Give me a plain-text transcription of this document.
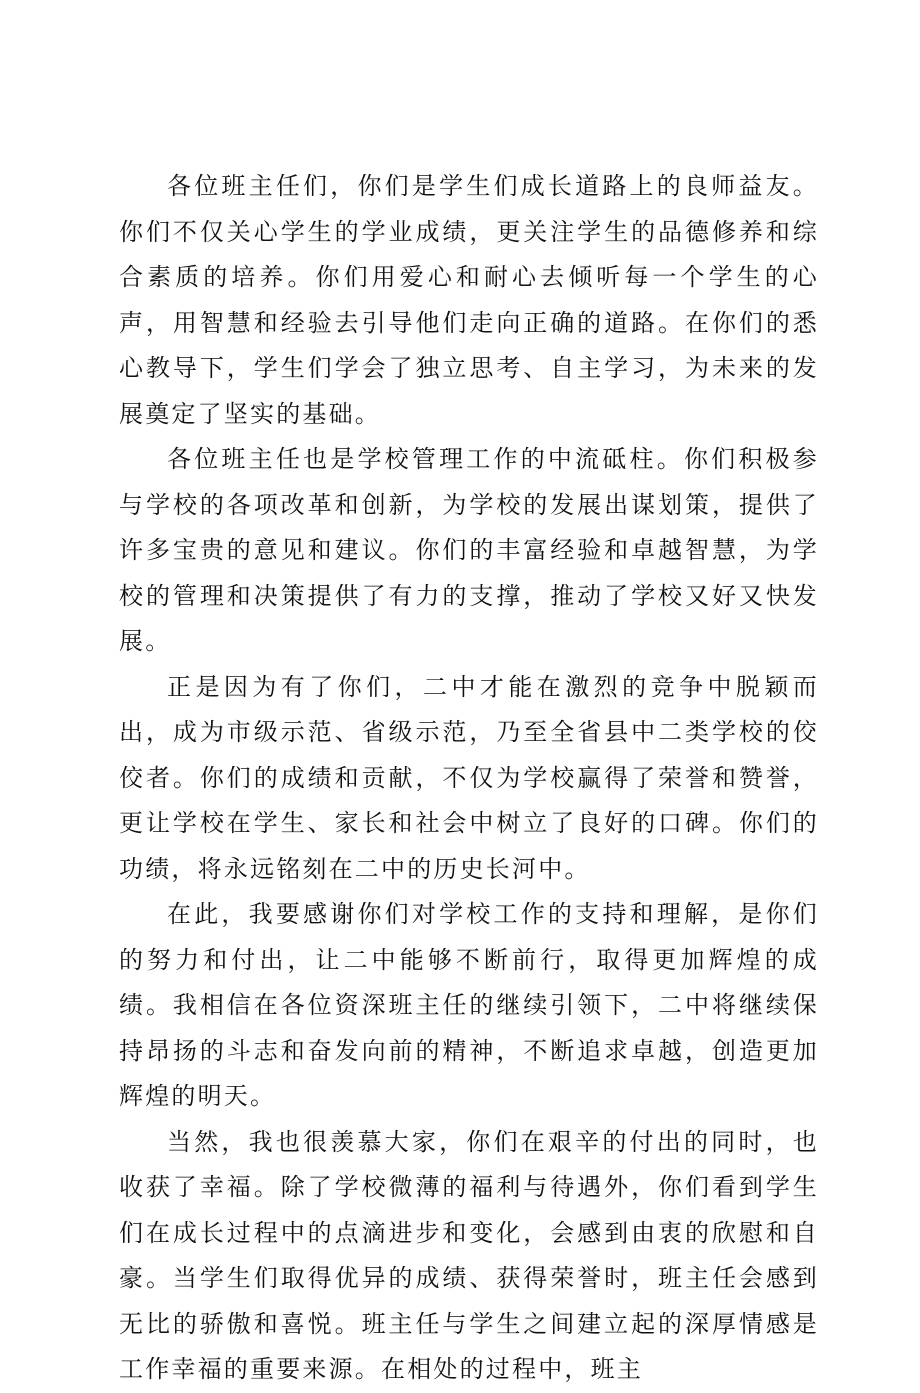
各位班主任们，你们是学生们成长道路上的良师益友。你们不仅关心学生的学业成绩，更关注学生的品德修养和综合素质的培养。你们用爱心和耐心去倾听每一个学生的心声，用智慧和经验去引导他们走向正确的道路。在你们的悉心教导下，学生们学会了独立思考、自主学习，为未来的发展奠定了坚实的基础。

各位班主任也是学校管理工作的中流砥柱。你们积极参与学校的各项改革和创新，为学校的发展出谋划策，提供了许多宝贵的意见和建议。你们的丰富经验和卓越智慧，为学校的管理和决策提供了有力的支撑，推动了学校又好又快发展。

正是因为有了你们，二中才能在激烈的竞争中脱颖而出，成为市级示范、省级示范，乃至全省县中二类学校的佼佼者。你们的成绩和贡献，不仅为学校赢得了荣誉和赞誉，更让学校在学生、家长和社会中树立了良好的口碑。你们的功绩，将永远铭刻在二中的历史长河中。

在此，我要感谢你们对学校工作的支持和理解，是你们的努力和付出，让二中能够不断前行，取得更加辉煌的成绩。我相信在各位资深班主任的继续引领下，二中将继续保持昂扬的斗志和奋发向前的精神，不断追求卓越，创造更加辉煌的明天。

当然，我也很羡慕大家，你们在艰辛的付出的同时，也收获了幸福。除了学校微薄的福利与待遇外，你们看到学生们在成长过程中的点滴进步和变化，会感到由衷的欣慰和自豪。当学生们取得优异的成绩、获得荣誉时，班主任会感到无比的骄傲和喜悦。班主任与学生之间建立起的深厚情感是工作幸福的重要来源。在相处的过程中，班主
